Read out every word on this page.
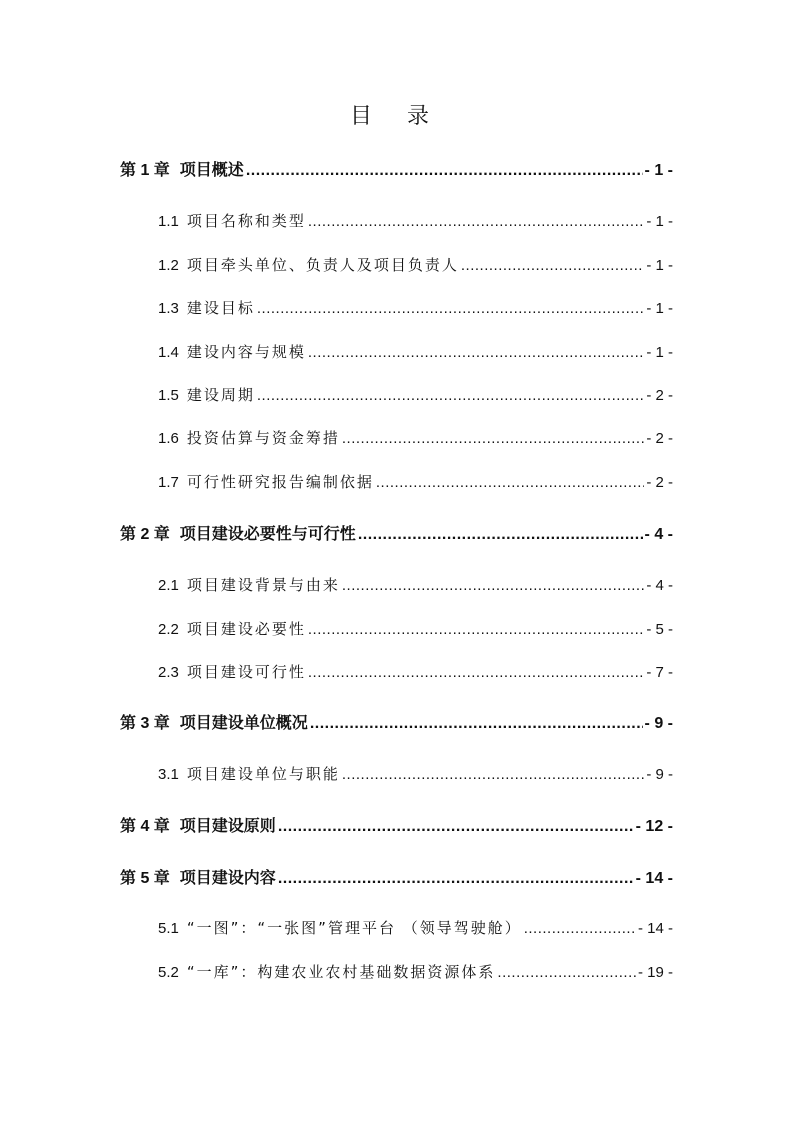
目 录
第 1 章 项目概述 .....	- 1 -
1.1 项目名称和类型 .....	- 1 -
1.2 项目牵头单位、负责人及项目负责人 .....	- 1 -
1.3 建设目标 .....	- 1 -
1.4 建设内容与规模 .....	- 1 -
1.5 建设周期 .....	- 2 -
1.6 投资估算与资金筹措 .....	- 2 -
1.7 可行性研究报告编制依据 .....	- 2 -
第 2 章 项目建设必要性与可行性 .....	- 4 -
2.1 项目建设背景与由来 .....	- 4 -
2.2 项目建设必要性 .....	- 5 -
2.3 项目建设可行性 .....	- 7 -
第 3 章 项目建设单位概况 .....	- 9 -
3.1 项目建设单位与职能 .....	- 9 -
第 4 章 项目建设原则 .....	- 12 -
第 5 章 项目建设内容 .....	- 14 -
5.1 “一图”：“一张图”管理平台 （领导驾驶舱） .....	- 14 -
5.2 “一库”：构建农业农村基础数据资源体系 .....	- 19 -
